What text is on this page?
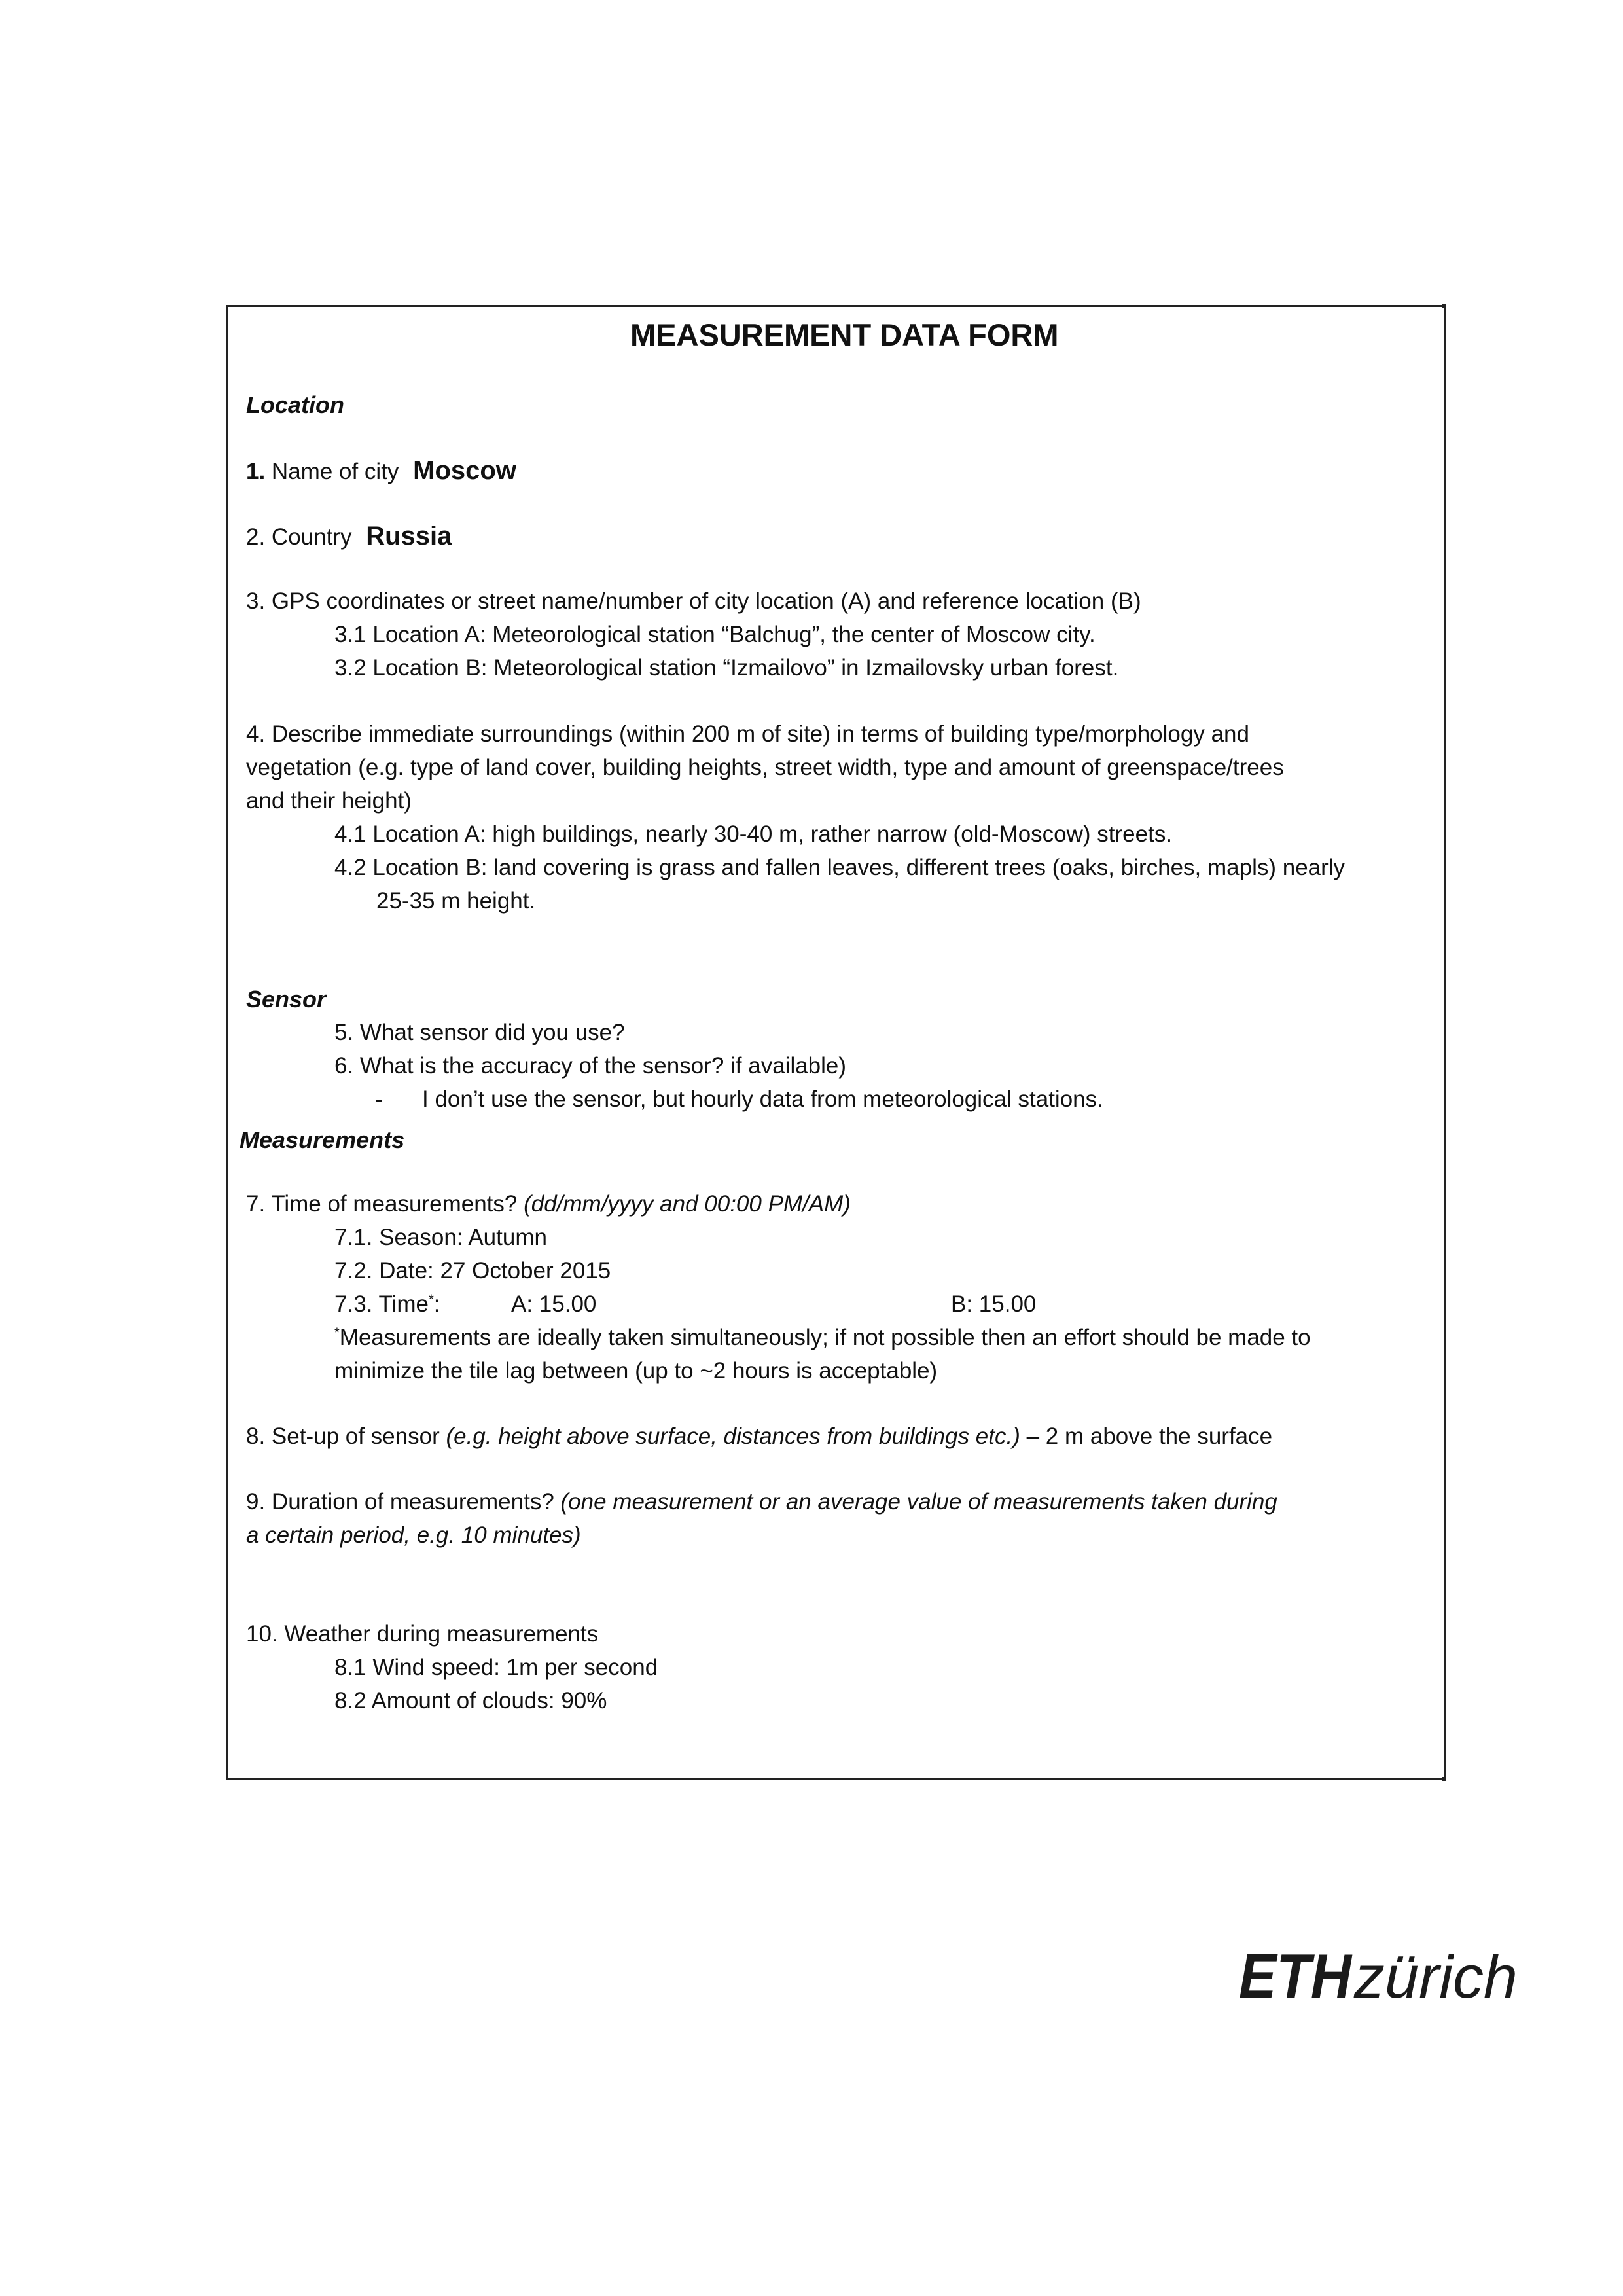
MEASUREMENT DATA FORM
Location
1. Name of city Moscow
2. Country Russia
3. GPS coordinates or street name/number of city location (A) and reference location (B)
3.1 Location A: Meteorological station “Balchug”, the center of Moscow city.
3.2 Location B: Meteorological station “Izmailovo” in Izmailovsky urban forest.
4. Describe immediate surroundings (within 200 m of site) in terms of building type/morphology and
vegetation (e.g. type of land cover, building heights, street width, type and amount of greenspace/trees
and their height)
4.1 Location A: high buildings, nearly 30-40 m, rather narrow (old-Moscow) streets.
4.2 Location B: land covering is grass and fallen leaves, different trees (oaks, birches, mapls) nearly
25-35 m height.
Sensor
5. What sensor did you use?
6. What is the accuracy of the sensor? if available)
- I don’t use the sensor, but hourly data from meteorological stations.
Measurements
7. Time of measurements? (dd/mm/yyyy and 00:00 PM/AM)
7.1. Season: Autumn
7.2. Date: 27 October 2015
7.3. Time*:	A: 15.00	B: 15.00
*Measurements are ideally taken simultaneously; if not possible then an effort should be made to
minimize the tile lag between (up to ~2 hours is acceptable)
8. Set-up of sensor (e.g. height above surface, distances from buildings etc.) – 2 m above the surface
9. Duration of measurements? (one measurement or an average value of measurements taken during
a certain period, e.g. 10 minutes)
10. Weather during measurements
8.1 Wind speed: 1m per second
8.2 Amount of clouds: 90%
ETH zürich
